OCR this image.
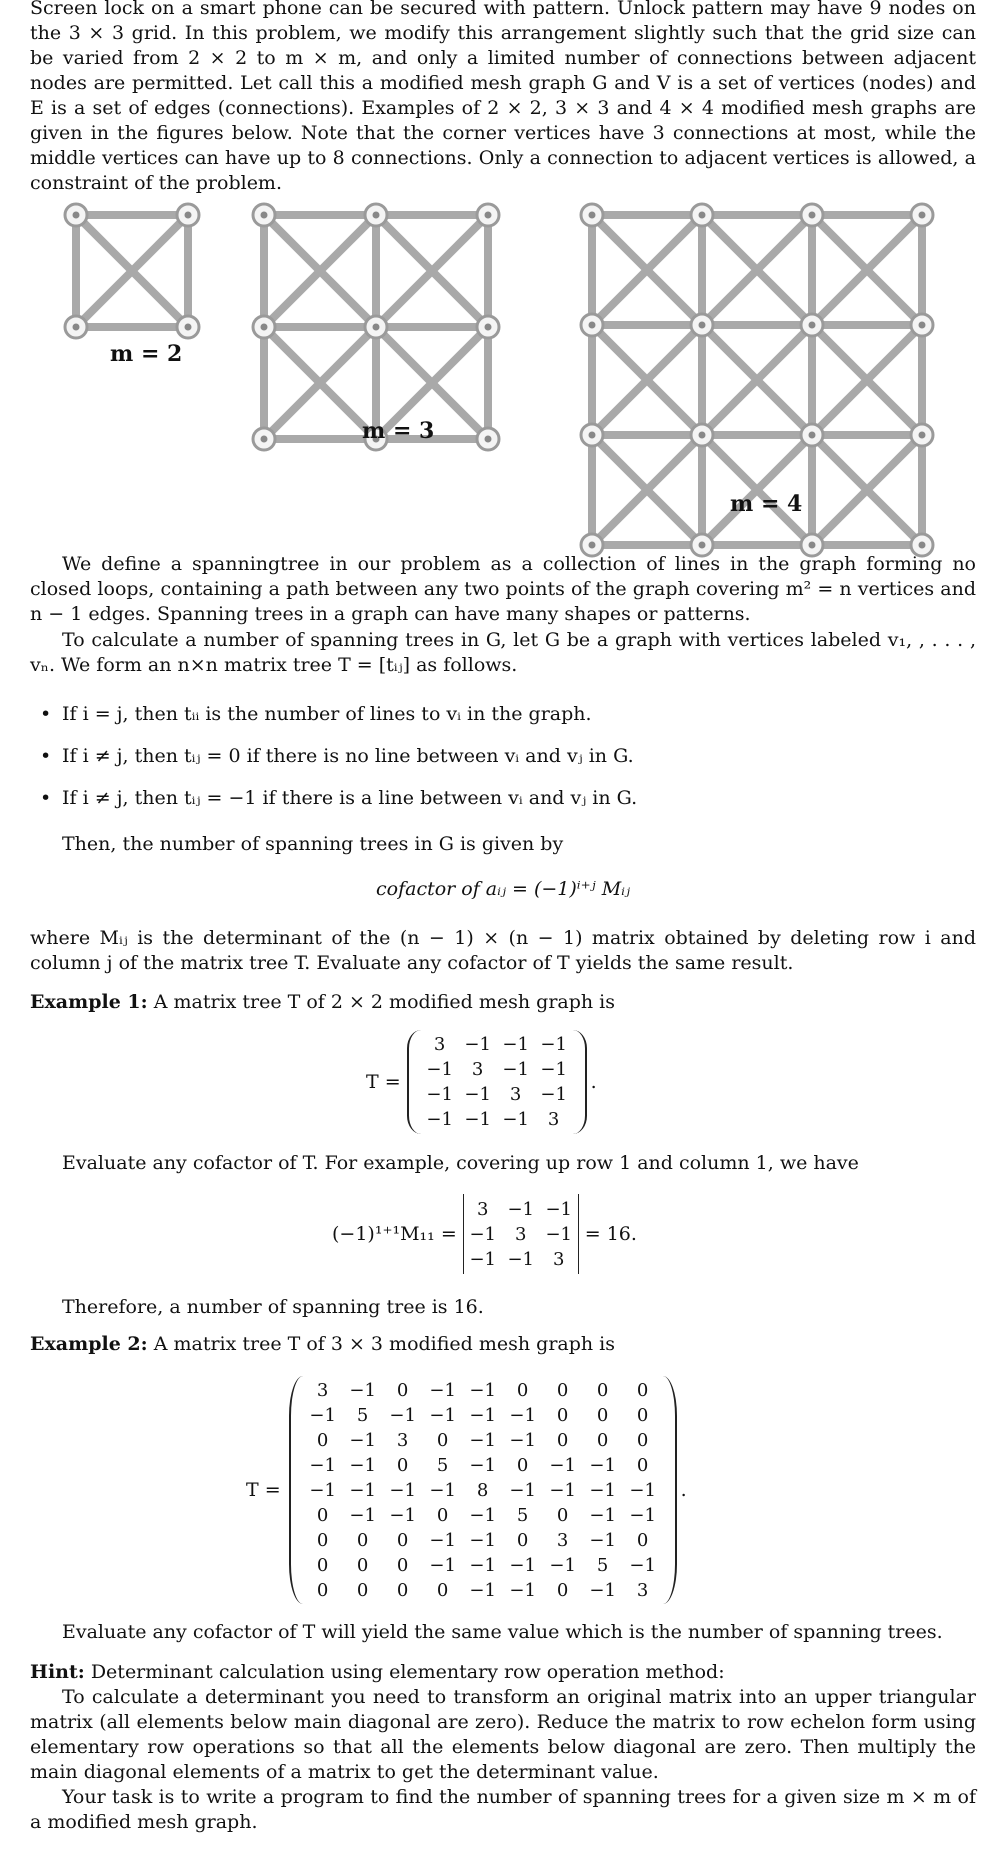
Screen lock on a smart phone can be secured with pattern. Unlock pattern may have 9 nodes on the 3 × 3 grid. In this problem, we modify this arrangement slightly such that the grid size can be varied from 2 × 2 to m × m, and only a limited number of connections between adjacent nodes are permitted. Let call this a modified mesh graph G and V is a set of vertices (nodes) and E is a set of edges (connections). Examples of 2 × 2, 3 × 3 and 4 × 4 modified mesh graphs are given in the figures below. Note that the corner vertices have 3 connections at most, while the middle vertices can have up to 8 connections. Only a connection to adjacent vertices is allowed, a constraint of the problem.

m = 2
m = 3
m = 4

We define a spanningtree in our problem as a collection of lines in the graph forming no closed loops, containing a path between any two points of the graph covering m² = n vertices and n − 1 edges. Spanning trees in a graph can have many shapes or patterns.

To calculate a number of spanning trees in G, let G be a graph with vertices labeled v₁, , . . . , vₙ. We form an n×n matrix tree T = [tᵢⱼ] as follows.

• If i = j, then tᵢᵢ is the number of lines to vᵢ in the graph.
• If i ≠ j, then tᵢⱼ = 0 if there is no line between vᵢ and vⱼ in G.
• If i ≠ j, then tᵢⱼ = −1 if there is a line between vᵢ and vⱼ in G.

Then, the number of spanning trees in G is given by

cofactor of aᵢⱼ = (−1)ⁱ⁺ʲ Mᵢⱼ

where Mᵢⱼ is the determinant of the (n − 1) × (n − 1) matrix obtained by deleting row i and column j of the matrix tree T. Evaluate any cofactor of T yields the same result.

Example 1: A matrix tree T of 2 × 2 modified mesh graph is

T =
3	−1	−1	−1
−1	3	−1	−1
−1	−1	3	−1
−1	−1	−1	3
.

Evaluate any cofactor of T. For example, covering up row 1 and column 1, we have

(−1)¹⁺¹M₁₁ =
3	−1	−1
−1	3	−1
−1	−1	3
= 16.

Therefore, a number of spanning tree is 16.

Example 2: A matrix tree T of 3 × 3 modified mesh graph is

T =
3	−1	0	−1	−1	0	0	0	0
−1	5	−1	−1	−1	−1	0	0	0
0	−1	3	0	−1	−1	0	0	0
−1	−1	0	5	−1	0	−1	−1	0
−1	−1	−1	−1	8	−1	−1	−1	−1
0	−1	−1	0	−1	5	0	−1	−1
0	0	0	−1	−1	0	3	−1	0
0	0	0	−1	−1	−1	−1	5	−1
0	0	0	0	−1	−1	0	−1	3
.

Evaluate any cofactor of T will yield the same value which is the number of spanning trees.

Hint: Determinant calculation using elementary row operation method:

To calculate a determinant you need to transform an original matrix into an upper triangular matrix (all elements below main diagonal are zero). Reduce the matrix to row echelon form using elementary row operations so that all the elements below diagonal are zero. Then multiply the main diagonal elements of a matrix to get the determinant value.

Your task is to write a program to find the number of spanning trees for a given size m × m of a modified mesh graph.
